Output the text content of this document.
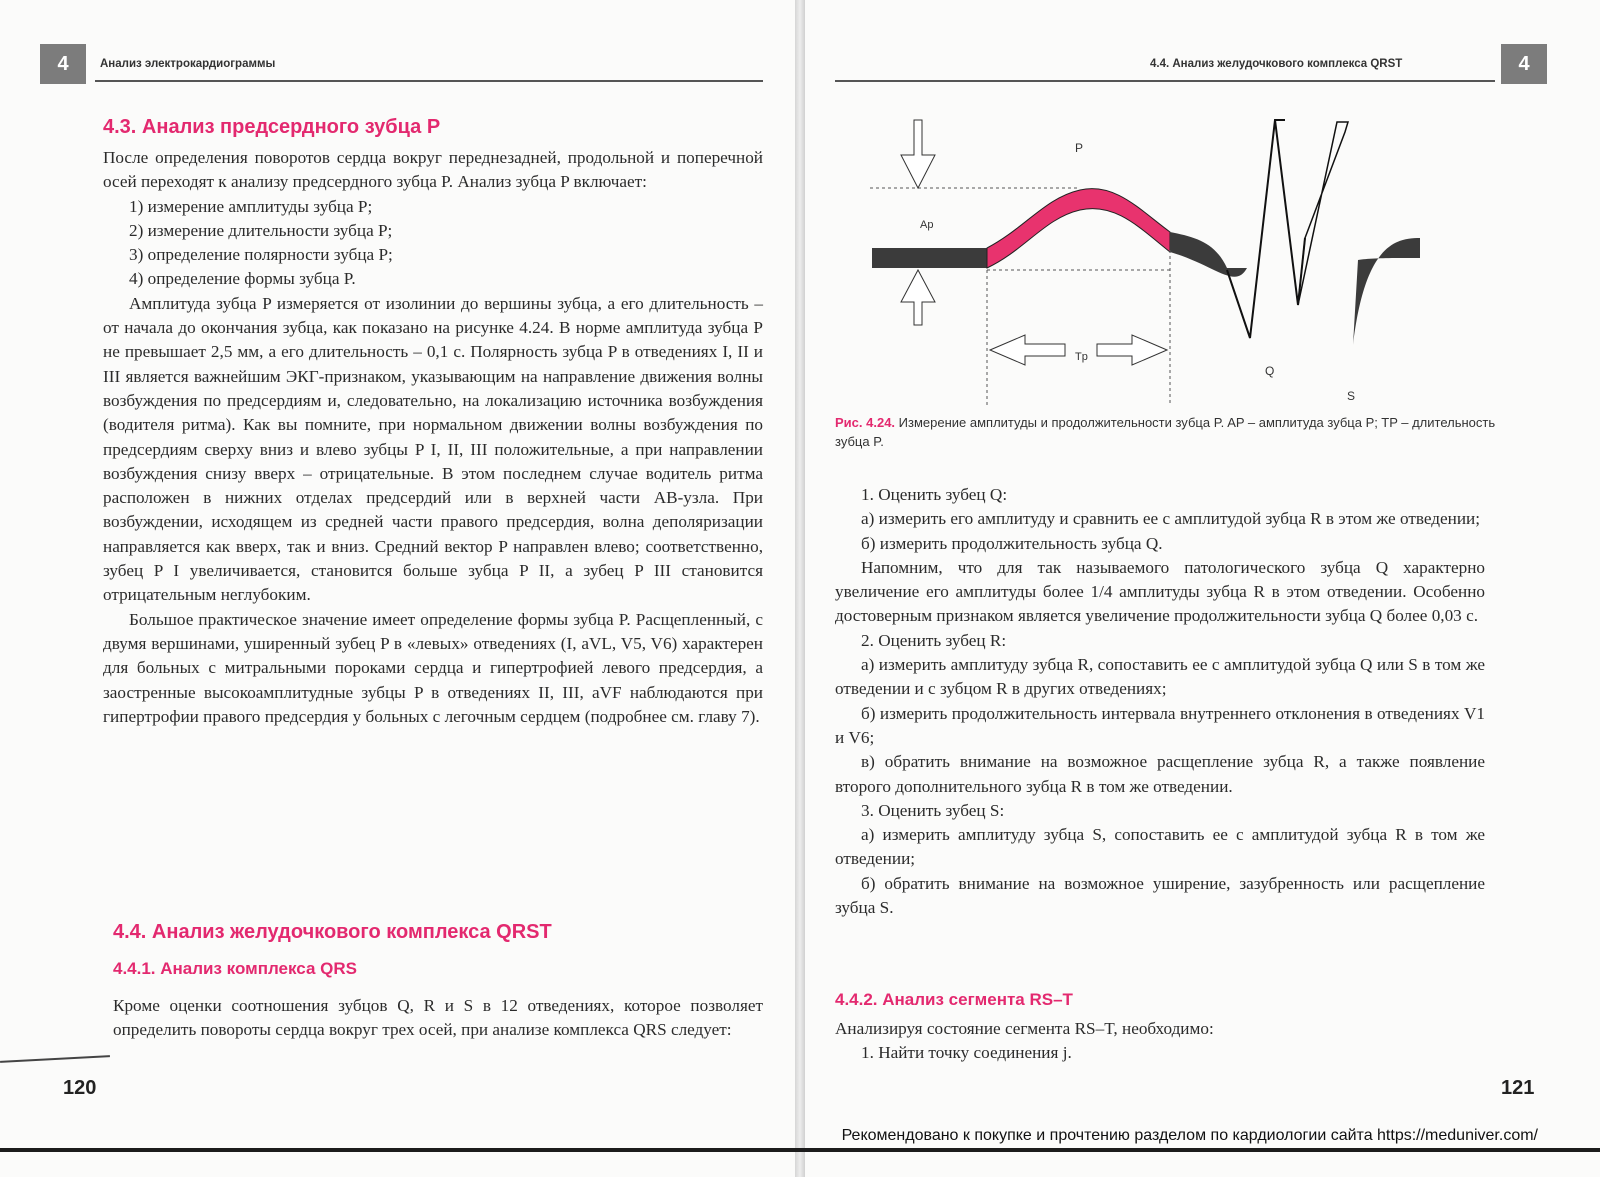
4	Анализ электрокардиограммы
4.3. Анализ предсердного зубца P

После определения поворотов сердца вокруг переднезадней, продольной и поперечной осей переходят к анализу предсердного зубца P. Анализ зубца P включает:

1) измерение амплитуды зубца P;

2) измерение длительности зубца P;

3) определение полярности зубца P;

4) определение формы зубца P.

Амплитуда зубца P измеряется от изолинии до вершины зубца, а его длительность – от начала до окончания зубца, как показано на рисунке 4.24. В норме амплитуда зубца P не превышает 2,5 мм, а его длительность – 0,1 с. Полярность зубца P в отведениях I, II и III является важнейшим ЭКГ-признаком, указывающим на направление движения волны возбуждения по предсердиям и, следовательно, на локализацию источника возбуждения (водителя ритма). Как вы помните, при нормальном движении волны возбуждения по предсердиям сверху вниз и влево зубцы P I, II, III положительные, а при направлении возбуждения снизу вверх – отрицательные. В этом последнем случае водитель ритма расположен в нижних отделах предсердий или в верхней части АВ-узла. При возбуждении, исходящем из средней части правого предсердия, волна деполяризации направляется как вверх, так и вниз. Средний вектор P направлен влево; соответственно, зубец P I увеличивается, становится больше зубца P II, а зубец P III становится отрицательным неглубоким.

Большое практическое значение имеет определение формы зубца P. Расщепленный, с двумя вершинами, уширенный зубец P в «левых» отведениях (I, aVL, V5, V6) характерен для больных с митральными пороками сердца и гипертрофией левого предсердия, а заостренные высокоамплитудные зубцы P в отведениях II, III, aVF наблюдаются при гипертрофии правого предсердия у больных с легочным сердцем (подробнее см. главу 7).

4.4. Анализ желудочкового комплекса QRST
4.4.1. Анализ комплекса QRS

Кроме оценки соотношения зубцов Q, R и S в 12 отведениях, которое позволяет определить повороты сердца вокруг трех осей, при анализе комплекса QRS следует:

120
4.4. Анализ желудочкового комплекса QRST	4
P
Ap
Tp
Q
S
Рис. 4.24. Измерение амплитуды и продолжительности зубца P. AP – амплитуда зубца P; TP – длительность зубца P.

1. Оценить зубец Q:

а) измерить его амплитуду и сравнить ее с амплитудой зубца R в этом же отведении;

б) измерить продолжительность зубца Q.

Напомним, что для так называемого патологического зубца Q характерно увеличение его амплитуды более 1/4 амплитуды зубца R в этом отведении. Особенно достоверным признаком является увеличение продолжительности зубца Q более 0,03 с.

2. Оценить зубец R:

а) измерить амплитуду зубца R, сопоставить ее с амплитудой зубца Q или S в том же отведении и с зубцом R в других отведениях;

б) измерить продолжительность интервала внутреннего отклонения в отведениях V1 и V6;

в) обратить внимание на возможное расщепление зубца R, а также появление второго дополнительного зубца R в том же отведении.

3. Оценить зубец S:

а) измерить амплитуду зубца S, сопоставить ее с амплитудой зубца R в том же отведении;

б) обратить внимание на возможное уширение, зазубренность или расщепление зубца S.

4.4.2. Анализ сегмента RS–T

Анализируя состояние сегмента RS–T, необходимо:

1. Найти точку соединения j.

121
Рекомендовано к покупке и прочтению разделом по кардиологии сайта https://meduniver.com/
